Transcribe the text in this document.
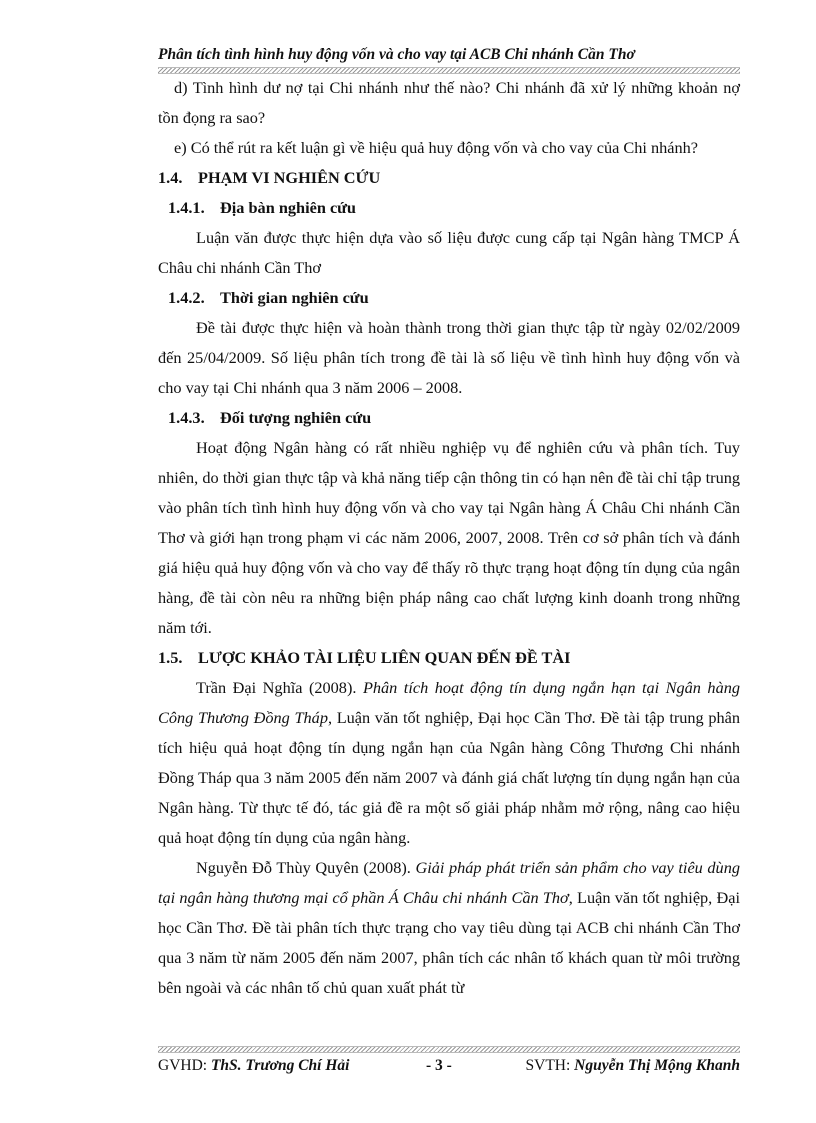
Phân tích tình hình huy động vốn và cho vay tại ACB Chi nhánh Cần Thơ

d) Tình hình dư nợ tại Chi nhánh như thế nào? Chi nhánh đã xử lý những khoản nợ tồn đọng ra sao?

e) Có thể rút ra kết luận gì về hiệu quả huy động vốn và cho vay của Chi nhánh?

1.4. PHẠM VI NGHIÊN CỨU
1.4.1. Địa bàn nghiên cứu

Luận văn được thực hiện dựa vào số liệu được cung cấp tại Ngân hàng TMCP Á Châu chi nhánh Cần Thơ

1.4.2. Thời gian nghiên cứu

Đề tài được thực hiện và hoàn thành trong thời gian thực tập từ ngày 02/02/2009 đến 25/04/2009. Số liệu phân tích trong đề tài là số liệu về tình hình huy động vốn và cho vay tại Chi nhánh qua 3 năm 2006 – 2008.

1.4.3. Đối tượng nghiên cứu

Hoạt động Ngân hàng có rất nhiều nghiệp vụ để nghiên cứu và phân tích. Tuy nhiên, do thời gian thực tập và khả năng tiếp cận thông tin có hạn nên đề tài chỉ tập trung vào phân tích tình hình huy động vốn và cho vay tại Ngân hàng Á Châu Chi nhánh Cần Thơ và giới hạn trong phạm vi các năm 2006, 2007, 2008. Trên cơ sở phân tích và đánh giá hiệu quả huy động vốn và cho vay để thấy rõ thực trạng hoạt động tín dụng của ngân hàng, đề tài còn nêu ra những biện pháp nâng cao chất lượng kinh doanh trong những năm tới.

1.5. LƯỢC KHẢO TÀI LIỆU LIÊN QUAN ĐẾN ĐỀ TÀI

Trần Đại Nghĩa (2008). Phân tích hoạt động tín dụng ngắn hạn tại Ngân hàng Công Thương Đồng Tháp, Luận văn tốt nghiệp, Đại học Cần Thơ. Đề tài tập trung phân tích hiệu quả hoạt động tín dụng ngắn hạn của Ngân hàng Công Thương Chi nhánh Đồng Tháp qua 3 năm 2005 đến năm 2007 và đánh giá chất lượng tín dụng ngắn hạn của Ngân hàng. Từ thực tế đó, tác giả đề ra một số giải pháp nhằm mở rộng, nâng cao hiệu quả hoạt động tín dụng của ngân hàng.

Nguyễn Đỗ Thùy Quyên (2008). Giải pháp phát triển sản phẩm cho vay tiêu dùng tại ngân hàng thương mại cổ phần Á Châu chi nhánh Cần Thơ, Luận văn tốt nghiệp, Đại học Cần Thơ. Đề tài phân tích thực trạng cho vay tiêu dùng tại ACB chi nhánh Cần Thơ qua 3 năm từ năm 2005 đến năm 2007, phân tích các nhân tố khách quan từ môi trường bên ngoài và các nhân tố chủ quan xuất phát từ

GVHD: ThS. Trương Chí Hải	- 3 -	SVTH: Nguyễn Thị Mộng Khanh
